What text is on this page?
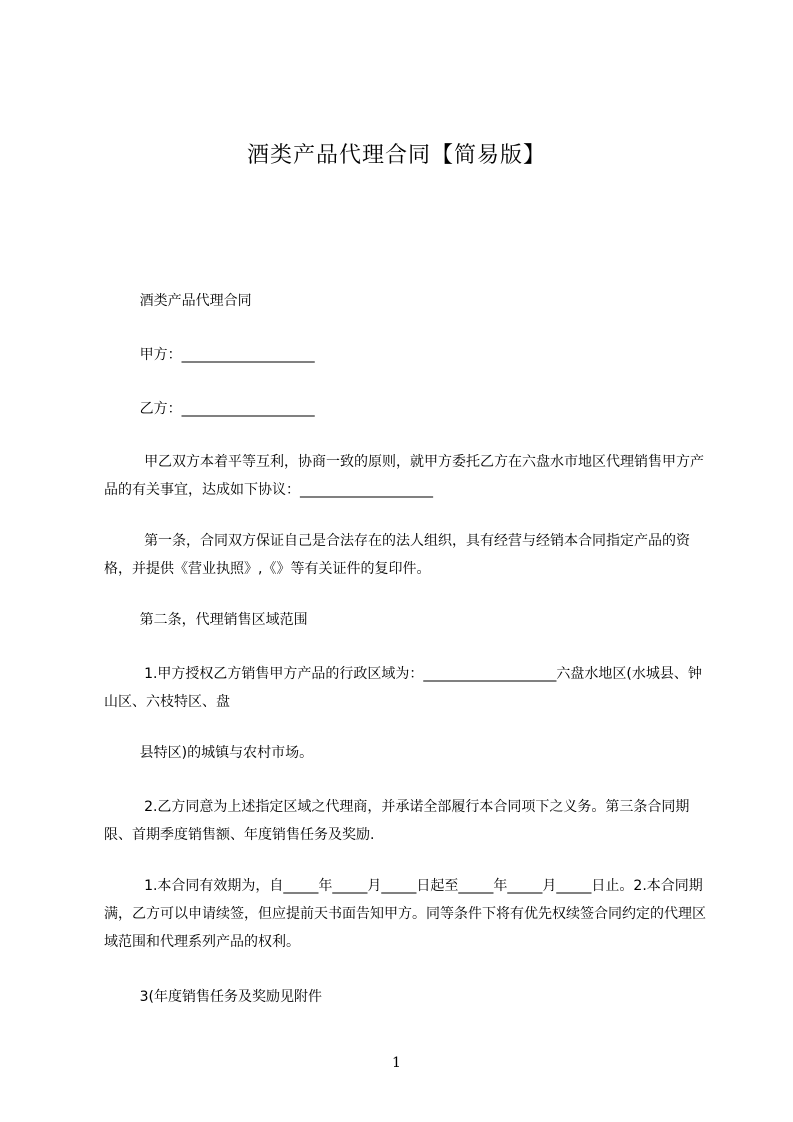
酒类产品代理合同【简易版】
酒类产品代理合同
甲方：___________________
乙方：___________________
甲乙双方本着平等互利，协商一致的原则，就甲方委托乙方在六盘水市地区代理销售甲方产品的有关事宜，达成如下协议：___________________
第一条，合同双方保证自己是合法存在的法人组织，具有经营与经销本合同指定产品的资格，并提供《营业执照》,《》等有关证件的复印件。
第二条，代理销售区域范围
1.甲方授权乙方销售甲方产品的行政区域为：___________________六盘水地区(水城县、钟山区、六枝特区、盘
县特区)的城镇与农村市场。
2.乙方同意为上述指定区域之代理商，并承诺全部履行本合同项下之义务。第三条合同期限、首期季度销售额、年度销售任务及奖励.
1.本合同有效期为，自_____年_____月_____日起至_____年_____月_____日止。2.本合同期满，乙方可以申请续签，但应提前天书面告知甲方。同等条件下将有优先权续签合同约定的代理区域范围和代理系列产品的权利。
3(年度销售任务及奖励见附件
1
